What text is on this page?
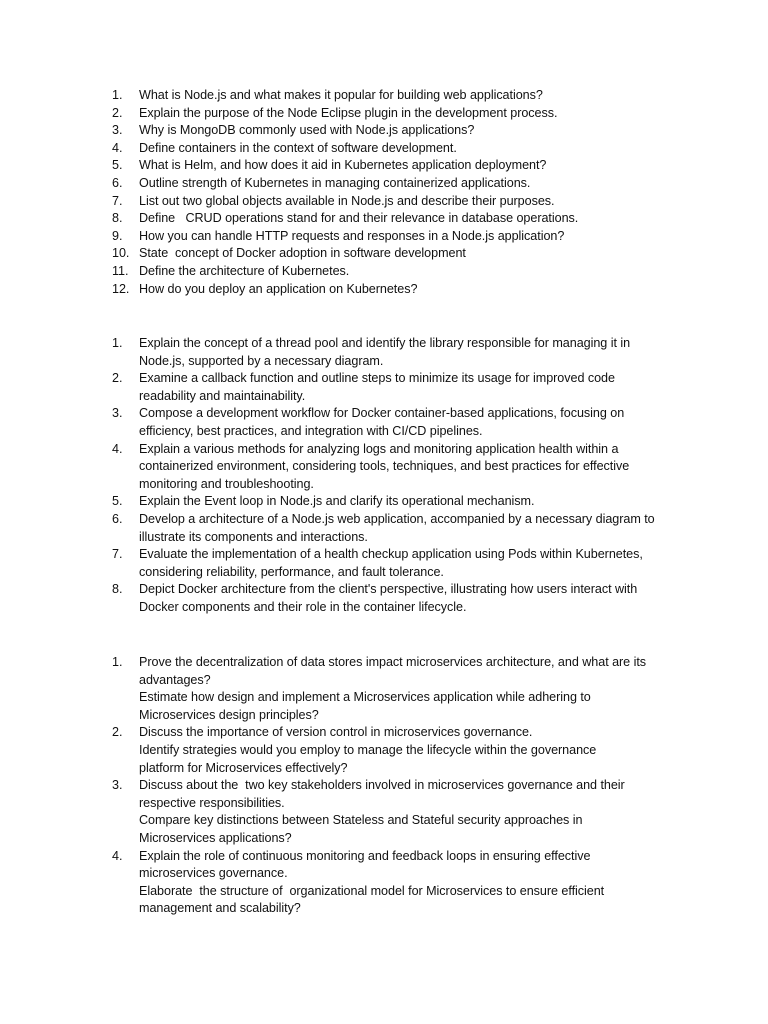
1.	What is Node.js and what makes it popular for building web applications?
2.	Explain the purpose of the Node Eclipse plugin in the development process.
3.	Why is MongoDB commonly used with Node.js applications?
4.	Define containers in the context of software development.
5.	What is Helm, and how does it aid in Kubernetes application deployment?
6.	Outline strength of Kubernetes in managing containerized applications.
7.	List out two global objects available in Node.js and describe their purposes.
8.	Define   CRUD operations stand for and their relevance in database operations.
9.	How you can handle HTTP requests and responses in a Node.js application?
10. State  concept of Docker adoption in software development
11. Define the architecture of Kubernetes.
12. How do you deploy an application on Kubernetes?
1.	Explain the concept of a thread pool and identify the library responsible for managing it in
Node.js, supported by a necessary diagram.
2.	Examine a callback function and outline steps to minimize its usage for improved code
readability and maintainability.
3.	Compose a development workflow for Docker container-based applications, focusing on
efficiency, best practices, and integration with CI/CD pipelines.
4.	Explain a various methods for analyzing logs and monitoring application health within a
containerized environment, considering tools, techniques, and best practices for effective
monitoring and troubleshooting.
5.	Explain the Event loop in Node.js and clarify its operational mechanism.
6.	Develop a architecture of a Node.js web application, accompanied by a necessary diagram to
illustrate its components and interactions.
7.	Evaluate the implementation of a health checkup application using Pods within Kubernetes,
considering reliability, performance, and fault tolerance.
8.	Depict Docker architecture from the client's perspective, illustrating how users interact with
Docker components and their role in the container lifecycle.
1.	Prove the decentralization of data stores impact microservices architecture, and what are its
advantages?
Estimate how design and implement a Microservices application while adhering to
Microservices design principles?
2.	Discuss the importance of version control in microservices governance.
Identify strategies would you employ to manage the lifecycle within the governance
platform for Microservices effectively?
3.	Discuss about the  two key stakeholders involved in microservices governance and their
respective responsibilities.
Compare key distinctions between Stateless and Stateful security approaches in
Microservices applications?
4.	Explain the role of continuous monitoring and feedback loops in ensuring effective
microservices governance.
Elaborate  the structure of  organizational model for Microservices to ensure efficient
management and scalability?
